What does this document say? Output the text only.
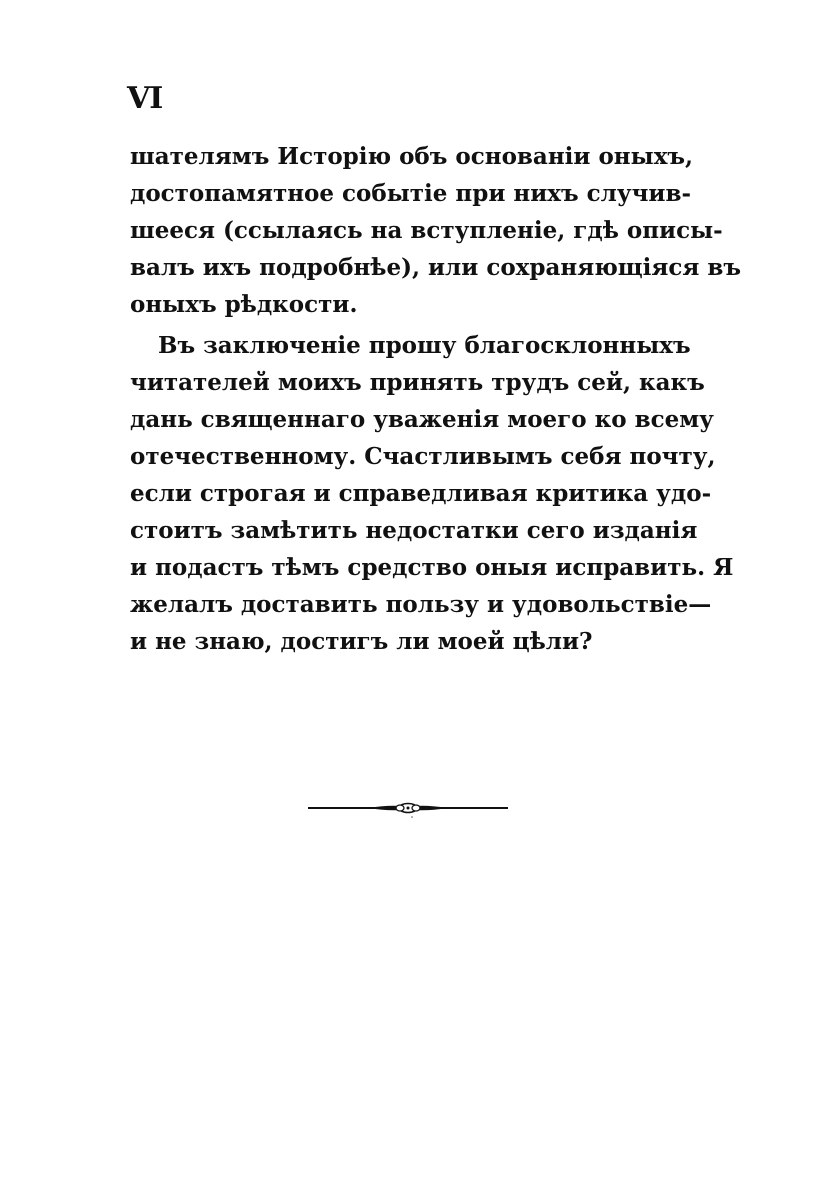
VI
шателямъ Исторію объ основаніи оныхъ,
достопамятное событіе при нихъ случив-
шееся (ссылаясь на вступленіе, гдѣ описы-
валъ ихъ подробнѣе), или сохраняющіяся въ
оныхъ рѣдкости.
Въ заключеніе прошу благосклонныхъ
читателей моихъ принять трудъ сей, какъ
дань священнаго уваженія моего ко всему
отечественному. Счастливымъ себя почту,
если строгая и справедливая критика удо-
стоитъ замѣтить недостатки сего изданія
и подастъ тѣмъ средство оныя исправить. Я
желалъ доставить пользу и удовольствіе—
и не знаю, достигъ ли моей цѣли?
